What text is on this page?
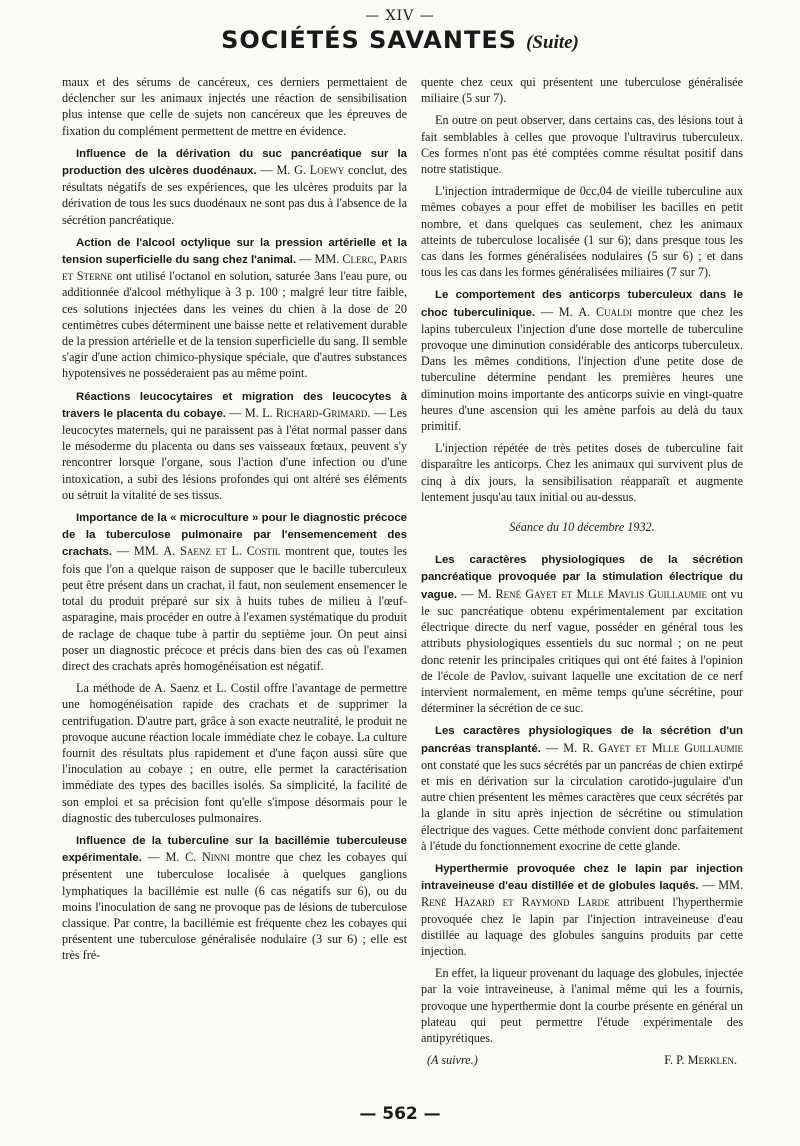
— XIV —
SOCIÉTÉS SAVANTES (Suite)

maux et des sérums de cancéreux, ces derniers permettaient de déclencher sur les animaux injectés une réaction de sensibilisation plus intense que celle de sujets non cancéreux que les épreuves de fixation du complément permettent de mettre en évidence.

Influence de la dérivation du suc pancréatique sur la production des ulcères duodénaux. — M. G. Loewy conclut, des résultats négatifs de ses expériences, que les ulcères produits par la dérivation de tous les sucs duodénaux ne sont pas dus à l'absence de la sécrétion pancréatique.

Action de l'alcool octylique sur la pression artérielle et la tension superficielle du sang chez l'animal. — MM. Clerc, Paris et Sterne ont utilisé l'octanol en solution, saturée 3ans l'eau pure, ou additionnée d'alcool méthylique à 3 p. 100 ; malgré leur titre faible, ces solutions injectées dans les veines du chien à la dose de 20 centimètres cubes déterminent une baisse nette et relativement durable de la pression artérielle et de la tension superficielle du sang. Il semble s'agir d'une action chimico-physique spéciale, que d'autres substances hypotensives ne posséderaient pas au même point.

Réactions leucocytaires et migration des leucocytes à travers le placenta du cobaye. — M. L. Richard-Grimard. — Les leucocytes maternels, qui ne paraissent pas à l'état normal passer dans le mésoderme du placenta ou dans ses vaisseaux fœtaux, peuvent s'y rencontrer lorsque l'organe, sous l'action d'une infection ou d'une intoxication, a subi des lésions profondes qui ont altéré ses éléments ou sétruit la vitalité de ses tissus.

Importance de la « microculture » pour le diagnostic précoce de la tuberculose pulmonaire par l'ensemencement des crachats. — MM. A. Saenz et L. Costil montrent que, toutes les fois que l'on a quelque raison de supposer que le bacille tuberculeux peut être présent dans un crachat, il faut, non seulement ensemencer le total du produit préparé sur six à huits tubes de milieu à l'œuf-asparagine, mais procéder en outre à l'examen systématique du produit de raclage de chaque tube à partir du septième jour. On peut ainsi poser un diagnostic précoce et précis dans bien des cas où l'examen direct des crachats après homogénéisation est négatif.

La méthode de A. Saenz et L. Costil offre l'avantage de permettre une homogénéisation rapide des crachats et de supprimer la centrifugation. D'autre part, grâce à son exacte neutralité, le produit ne provoque aucune réaction locale immédiate chez le cobaye. La culture fournit des résultats plus rapidement et d'une façon aussi sûre que l'inoculation au cobaye ; en outre, elle permet la caractérisation immédiate des types des bacilles isolés. Sa simplicité, la facilité de son emploi et sa précision font qu'elle s'impose désormais pour le diagnostic des tuberculoses pulmonaires.

Influence de la tuberculine sur la bacillémie tuberculeuse expérimentale. — M. C. Ninni montre que chez les cobayes qui présentent une tuberculose localisée à quelques ganglions lymphatiques la bacillémie est nulle (6 cas négatifs sur 6), ou du moins l'inoculation de sang ne provoque pas de lésions de tuberculose classique. Par contre, la bacillémie est fréquente chez les cobayes qui présentent une tuberculose généralisée nodulaire (3 sur 6) ; elle est très fré-

quente chez ceux qui présentent une tuberculose généralisée miliaire (5 sur 7).

En outre on peut observer, dans certains cas, des lésions tout à fait semblables à celles que provoque l'ultravirus tuberculeux. Ces formes n'ont pas été comptées comme résultat positif dans notre statistique.

L'injection intradermique de 0cc,04 de vieille tuberculine aux mêmes cobayes a pour effet de mobiliser les bacilles en petit nombre, et dans quelques cas seulement, chez les animaux atteints de tuberculose localisée (1 sur 6); dans presque tous les cas dans les formes généralisées nodulaires (5 sur 6) ; et dans tous les cas dans les formes généralisées miliaires (7 sur 7).

Le comportement des anticorps tuberculeux dans le choc tuberculinique. — M. A. Cualdi montre que chez les lapins tuberculeux l'injection d'une dose mortelle de tuberculine provoque une diminution considérable des anticorps tuberculeux. Dans les mêmes conditions, l'injection d'une petite dose de tuberculine détermine pendant les premières heures une diminution moins importante des anticorps suivie en vingt-quatre heures d'une ascension qui les amène parfois au delà du taux primitif.

L'injection répétée de très petites doses de tuberculine fait disparaître les anticorps. Chez les animaux qui survivent plus de cinq à dix jours, la sensibilisation réapparaît et augmente lentement jusqu'au taux initial ou au-dessus.

Séance du 10 décembre 1932.

Les caractères physiologiques de la sécrétion pancréatique provoquée par la stimulation électrique du vague. — M. René Gayet et Mlle Mavlis Guillaumie ont vu le suc pancréatique obtenu expérimentalement par excitation électrique directe du nerf vague, posséder en général tous les attributs physiologiques essentiels du suc normal ; on ne peut donc retenir les principales critiques qui ont été faites à l'opinion de l'école de Pavlov, suivant laquelle une excitation de ce nerf intervient normalement, en même temps qu'une sécrétine, pour déterminer la sécrétion de ce suc.

Les caractères physiologiques de la sécrétion d'un pancréas transplanté. — M. R. Gayet et Mlle Guillaumie ont constaté que les sucs sécrétés par un pancréas de chien extirpé et mis en dérivation sur la circulation carotido-jugulaire d'un autre chien présentent les mêmes caractères que ceux sécrétés par la glande in situ après injection de sécrétine ou stimulation électrique des vagues. Cette méthode convient donc parfaitement à l'étude du fonctionnement exocrine de cette glande.

Hyperthermie provoquée chez le lapin par injection intraveineuse d'eau distillée et de globules laqués. — MM. René Hazard et Raymond Larde attribuent l'hyperthermie provoquée chez le lapin par l'injection intraveineuse d'eau distillée au laquage des globules sanguins produits par cette injection.

En effet, la liqueur provenant du laquage des globules, injectée par la voie intraveineuse, à l'animal même qui les a fournis, provoque une hyperthermie dont la courbe présente en général un plateau qui peut permettre l'étude expérimentale des antipyrétiques.

(A suivre.)	F. P. Merklen.
— 562 —
